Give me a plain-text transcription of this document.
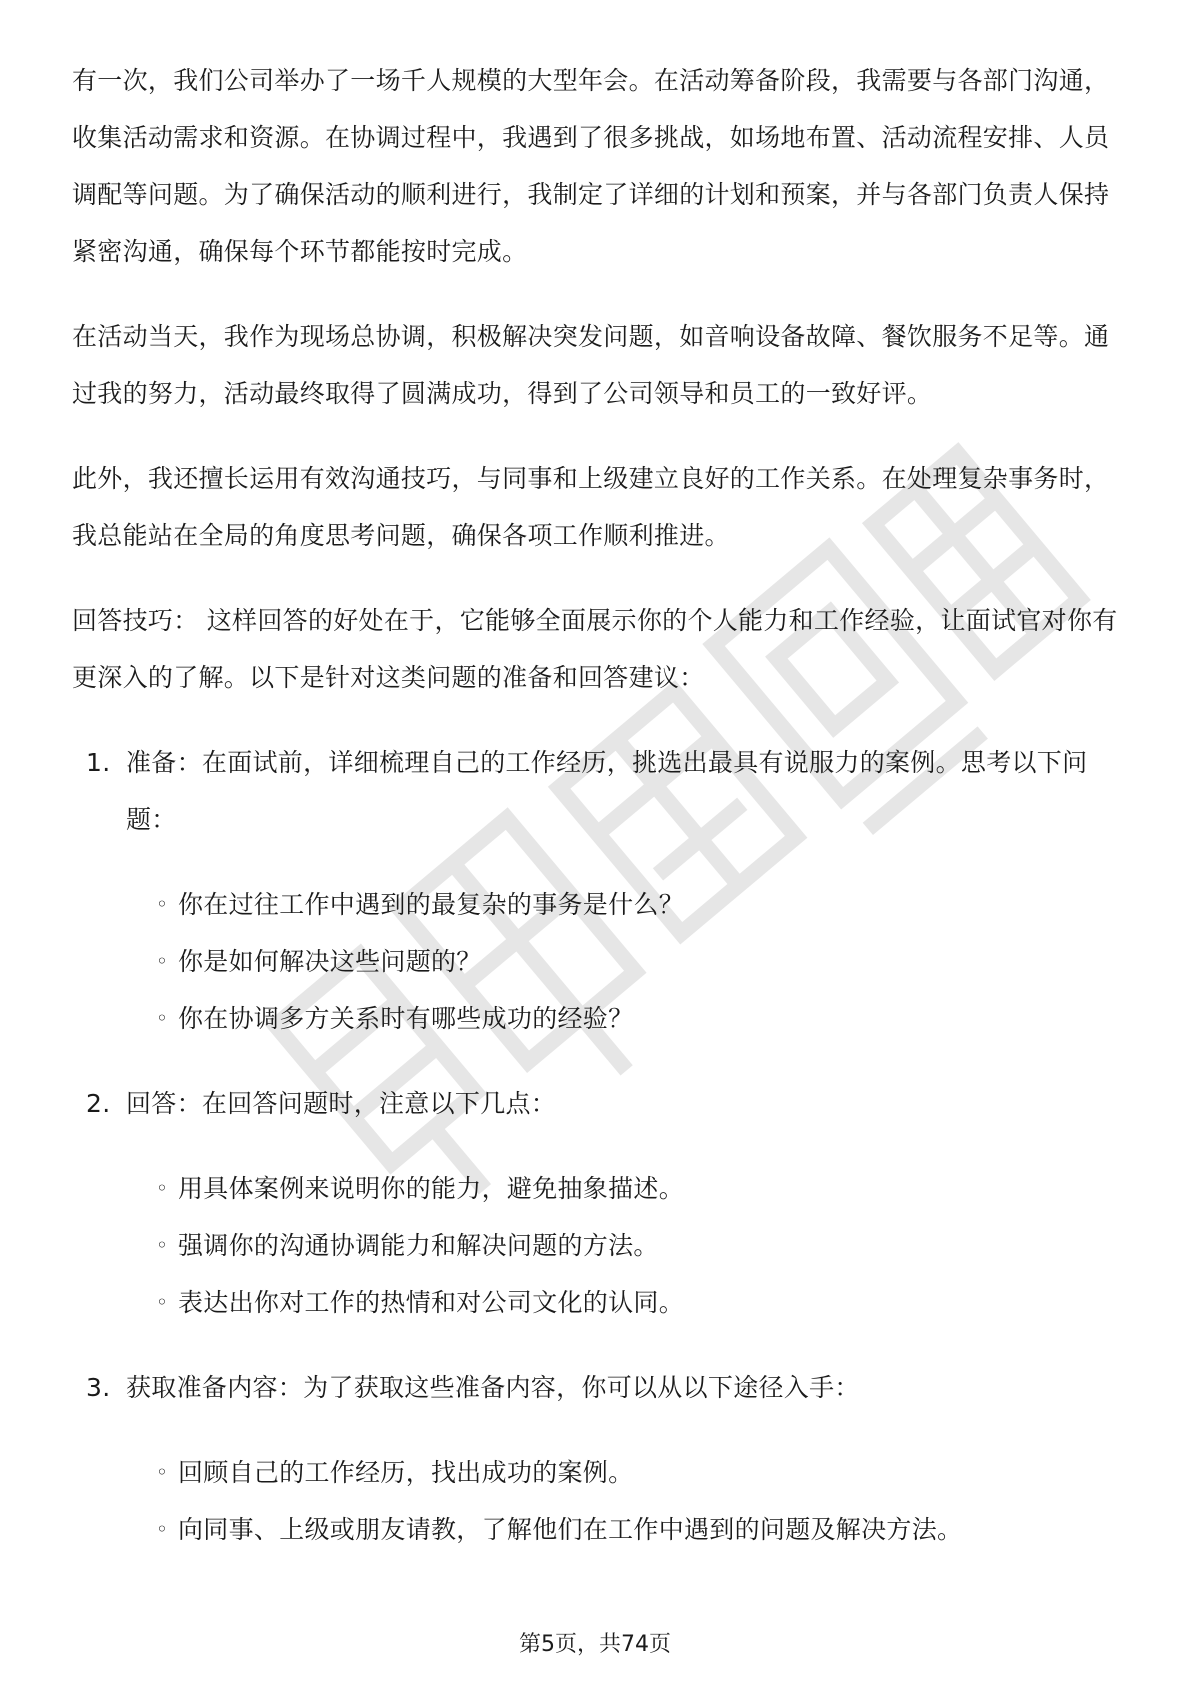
有一次，我们公司举办了一场千人规模的大型年会。在活动筹备阶段，我需要与各部门沟通，收集活动需求和资源。在协调过程中，我遇到了很多挑战，如场地布置、活动流程安排、人员调配等问题。为了确保活动的顺利进行，我制定了详细的计划和预案，并与各部门负责人保持紧密沟通，确保每个环节都能按时完成。

在活动当天，我作为现场总协调，积极解决突发问题，如音响设备故障、餐饮服务不足等。通过我的努力，活动最终取得了圆满成功，得到了公司领导和员工的一致好评。

此外，我还擅长运用有效沟通技巧，与同事和上级建立良好的工作关系。在处理复杂事务时，我总能站在全局的角度思考问题，确保各项工作顺利推进。

回答技巧： 这样回答的好处在于，它能够全面展示你的个人能力和工作经验，让面试官对你有更深入的了解。以下是针对这类问题的准备和回答建议：

1. 准备：在面试前，详细梳理自己的工作经历，挑选出最具有说服力的案例。思考以下问题：
◦ 你在过往工作中遇到的最复杂的事务是什么？
◦ 你是如何解决这些问题的？
◦ 你在协调多方关系时有哪些成功的经验？
2. 回答：在回答问题时，注意以下几点：
◦ 用具体案例来说明你的能力，避免抽象描述。
◦ 强调你的沟通协调能力和解决问题的方法。
◦ 表达出你对工作的热情和对公司文化的认同。
3. 获取准备内容：为了获取这些准备内容，你可以从以下途径入手：
◦ 回顾自己的工作经历，找出成功的案例。
◦ 向同事、上级或朋友请教，了解他们在工作中遇到的问题及解决方法。
第5页，共74页
